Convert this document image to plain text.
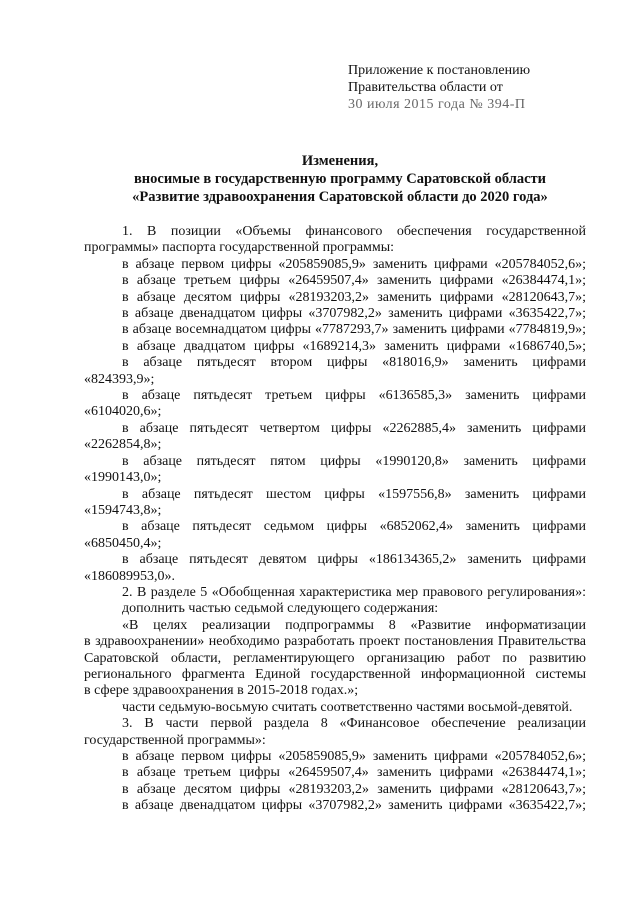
Приложение к постановлению
Правительства области от
30 июля 2015 года № 394-П
Изменения,
вносимые в государственную программу Саратовской области
«Развитие здравоохранения Саратовской области до 2020 года»

1. В позиции «Объемы финансового обеспечения государственной

программы» паспорта государственной программы:

в абзаце первом цифры «205859085,9» заменить цифрами «205784052,6»;

в абзаце третьем цифры «26459507,4» заменить цифрами «26384474,1»;

в абзаце десятом цифры «28193203,2» заменить цифрами «28120643,7»;

в абзаце двенадцатом цифры «3707982,2» заменить цифрами «3635422,7»;

в абзаце восемнадцатом цифры «7787293,7» заменить цифрами «7784819,9»;

в абзаце двадцатом цифры «1689214,3» заменить цифрами «1686740,5»;

в абзаце пятьдесят втором цифры «818016,9» заменить цифрами

«824393,9»;

в абзаце пятьдесят третьем цифры «6136585,3» заменить цифрами

«6104020,6»;

в абзаце пятьдесят четвертом цифры «2262885,4» заменить цифрами

«2262854,8»;

в абзаце пятьдесят пятом цифры «1990120,8» заменить цифрами

«1990143,0»;

в абзаце пятьдесят шестом цифры «1597556,8» заменить цифрами

«1594743,8»;

в абзаце пятьдесят седьмом цифры «6852062,4» заменить цифрами

«6850450,4»;

в абзаце пятьдесят девятом цифры «186134365,2» заменить цифрами

«186089953,0».

2. В разделе 5 «Обобщенная характеристика мер правового регулирования»:

дополнить частью седьмой следующего содержания:

«В целях реализации подпрограммы 8 «Развитие информатизации

в здравоохранении» необходимо разработать проект постановления Правительства

Саратовской области, регламентирующего организацию работ по развитию

регионального фрагмента Единой государственной информационной системы

в сфере здравоохранения в 2015-2018 годах.»;

части седьмую-восьмую считать соответственно частями восьмой-девятой.

3. В части первой раздела 8 «Финансовое обеспечение реализации

государственной программы»:

в абзаце первом цифры «205859085,9» заменить цифрами «205784052,6»;

в абзаце третьем цифры «26459507,4» заменить цифрами «26384474,1»;

в абзаце десятом цифры «28193203,2» заменить цифрами «28120643,7»;

в абзаце двенадцатом цифры «3707982,2» заменить цифрами «3635422,7»;
